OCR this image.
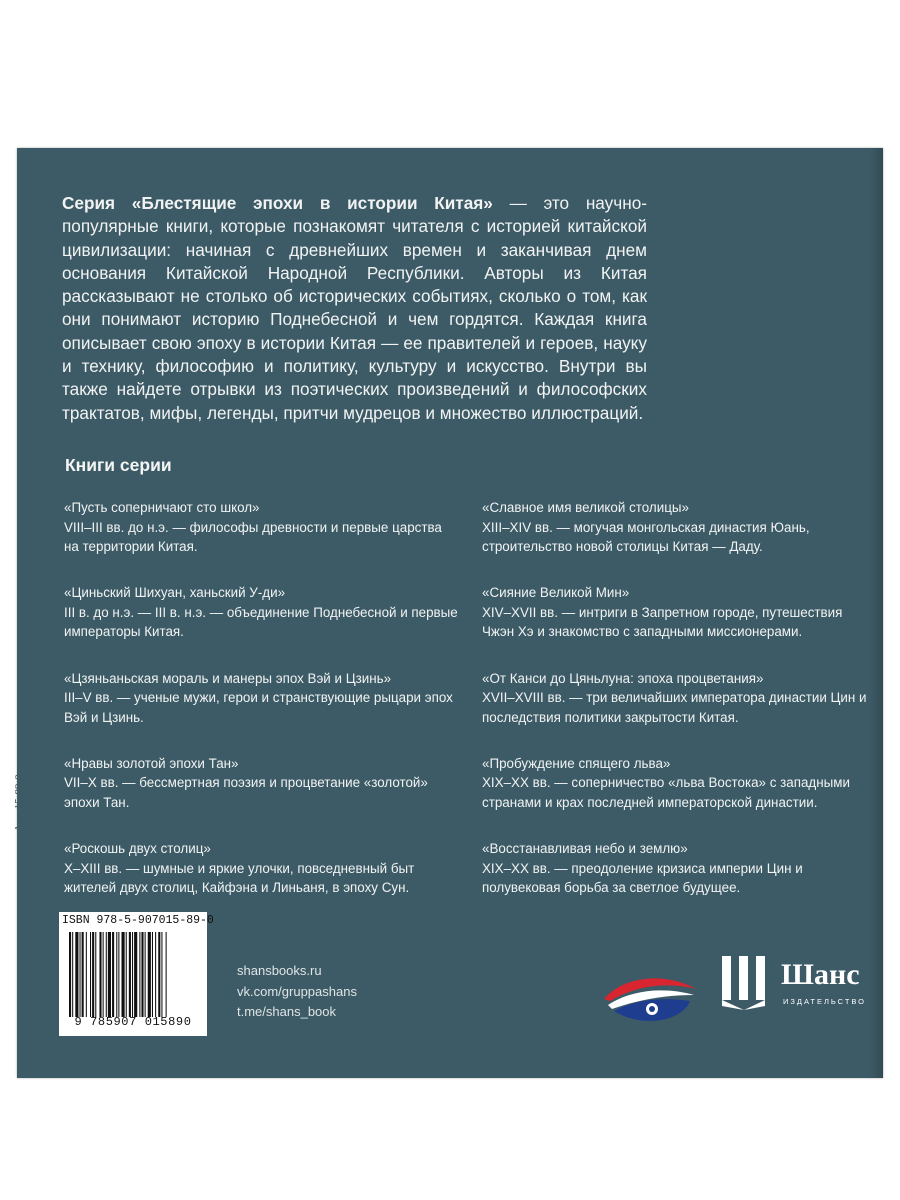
Серия «Блестящие эпохи в истории Китая» — это научно-популярные книги, которые познакомят читателя с историей китайской цивилизации: начиная с древнейших времен и заканчивая днем основания Китайской Народной Республики. Авторы из Китая рассказывают не столько об исторических событиях, сколько о том, как они понимают историю Поднебесной и чем гордятся. Каждая книга описывает свою эпоху в истории Китая — ее правителей и героев, науку и технику, философию и политику, культуру и искусство. Внутри вы также найдете отрывки из поэтических произведений и философских трактатов, мифы, легенды, притчи мудрецов и множество иллюстраций.
Книги серии
«Пусть соперничают сто школ»
VIII–III вв. до н.э. — философы древности и первые царства на территории Китая.
«Циньский Шихуан, ханьский У-ди»
III в. до н.э. — III в. н.э. — объединение Поднебесной и первые императоры Китая.
«Цзяньаньская мораль и манеры эпох Вэй и Цзинь»
III–V вв. — ученые мужи, герои и странствующие рыцари эпох Вэй и Цзинь.
«Нравы золотой эпохи Тан»
VII–X вв. — бессмертная поэзия и процветание «золотой» эпохи Тан.
«Роскошь двух столиц»
X–XIII вв. — шумные и яркие улочки, повседневный быт жителей двух столиц, Кайфэна и Линьаня, в эпоху Сун.
«Славное имя великой столицы»
XIII–XIV вв. — могучая монгольская династия Юань, строительство новой столицы Китая — Даду.
«Сияние Великой Мин»
XIV–XVII вв. — интриги в Запретном городе, путешествия Чжэн Хэ и знакомство с западными миссионерами.
«От Канси до Цяньлуна: эпоха процветания»
XVII–XVIII вв. — три величайших императора династии Цин и последствия политики закрытости Китая.
«Пробуждение спящего льва»
XIX–XX вв. — соперничество «льва Востока» с западными странами и крах последней императорской династии.
«Восстанавливая небо и землю»
XIX–XX вв. — преодоление кризиса империи Цин и полувековая борьба за светлое будущее.
ISBN 978-5-907015-89-0
9 785907 015890
shansbooks.ru
vk.com/gruppashans
t.me/shans_book
Шанс
ИЗДАТЕЛЬСТВО
Арт. 15-89-0
